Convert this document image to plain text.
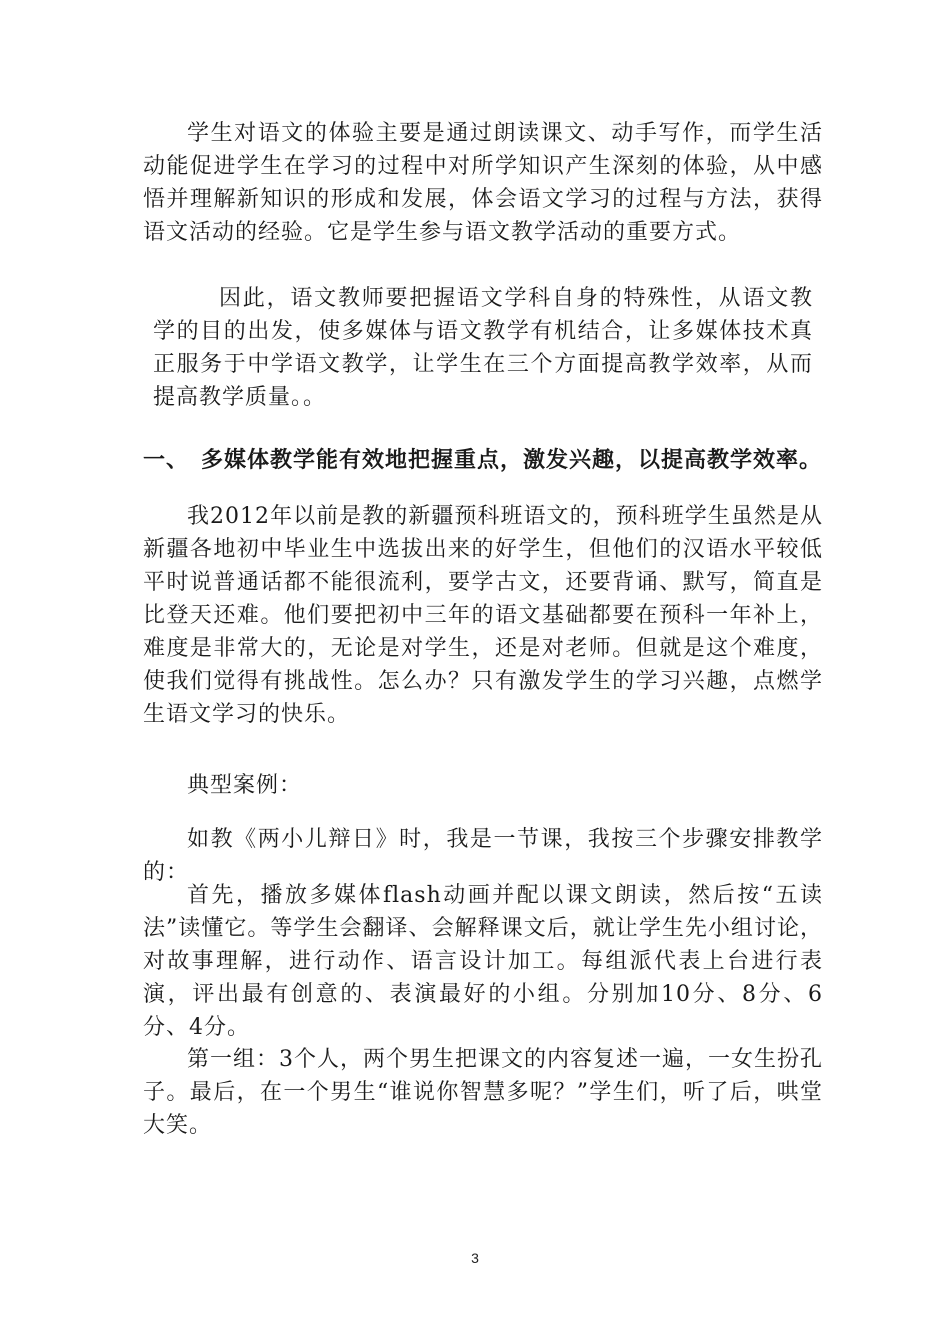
学生对语文的体验主要是通过朗读课文、动手写作，而学生活动能促进学生在学习的过程中对所学知识产生深刻的体验，从中感悟并理解新知识的形成和发展，体会语文学习的过程与方法，获得语文活动的经验。它是学生参与语文教学活动的重要方式。

因此，语文教师要把握语文学科自身的特殊性，从语文教学的目的出发，使多媒体与语文教学有机结合，让多媒体技术真正服务于中学语文教学，让学生在三个方面提高教学效率，从而提高教学质量。。

一、 多媒体教学能有效地把握重点，激发兴趣，以提高教学效率。

我2012年以前是教的新疆预科班语文的，预科班学生虽然是从新疆各地初中毕业生中选拔出来的好学生，但他们的汉语水平较低平时说普通话都不能很流利，要学古文，还要背诵、默写，简直是比登天还难。他们要把初中三年的语文基础都要在预科一年补上，难度是非常大的，无论是对学生，还是对老师。但就是这个难度，使我们觉得有挑战性。怎么办？只有激发学生的学习兴趣，点燃学生语文学习的快乐。

典型案例：

如教《两小儿辩日》时，我是一节课，我按三个步骤安排教学的：

首先，播放多媒体flash动画并配以课文朗读，然后按“五读法”读懂它。等学生会翻译、会解释课文后，就让学生先小组讨论，对故事理解，进行动作、语言设计加工。每组派代表上台进行表演，评出最有创意的、表演最好的小组。分别加10分、8分、6分、4分。

第一组：3个人，两个男生把课文的内容复述一遍，一女生扮孔子。最后，在一个男生“谁说你智慧多呢？”学生们，听了后，哄堂大笑。

3
